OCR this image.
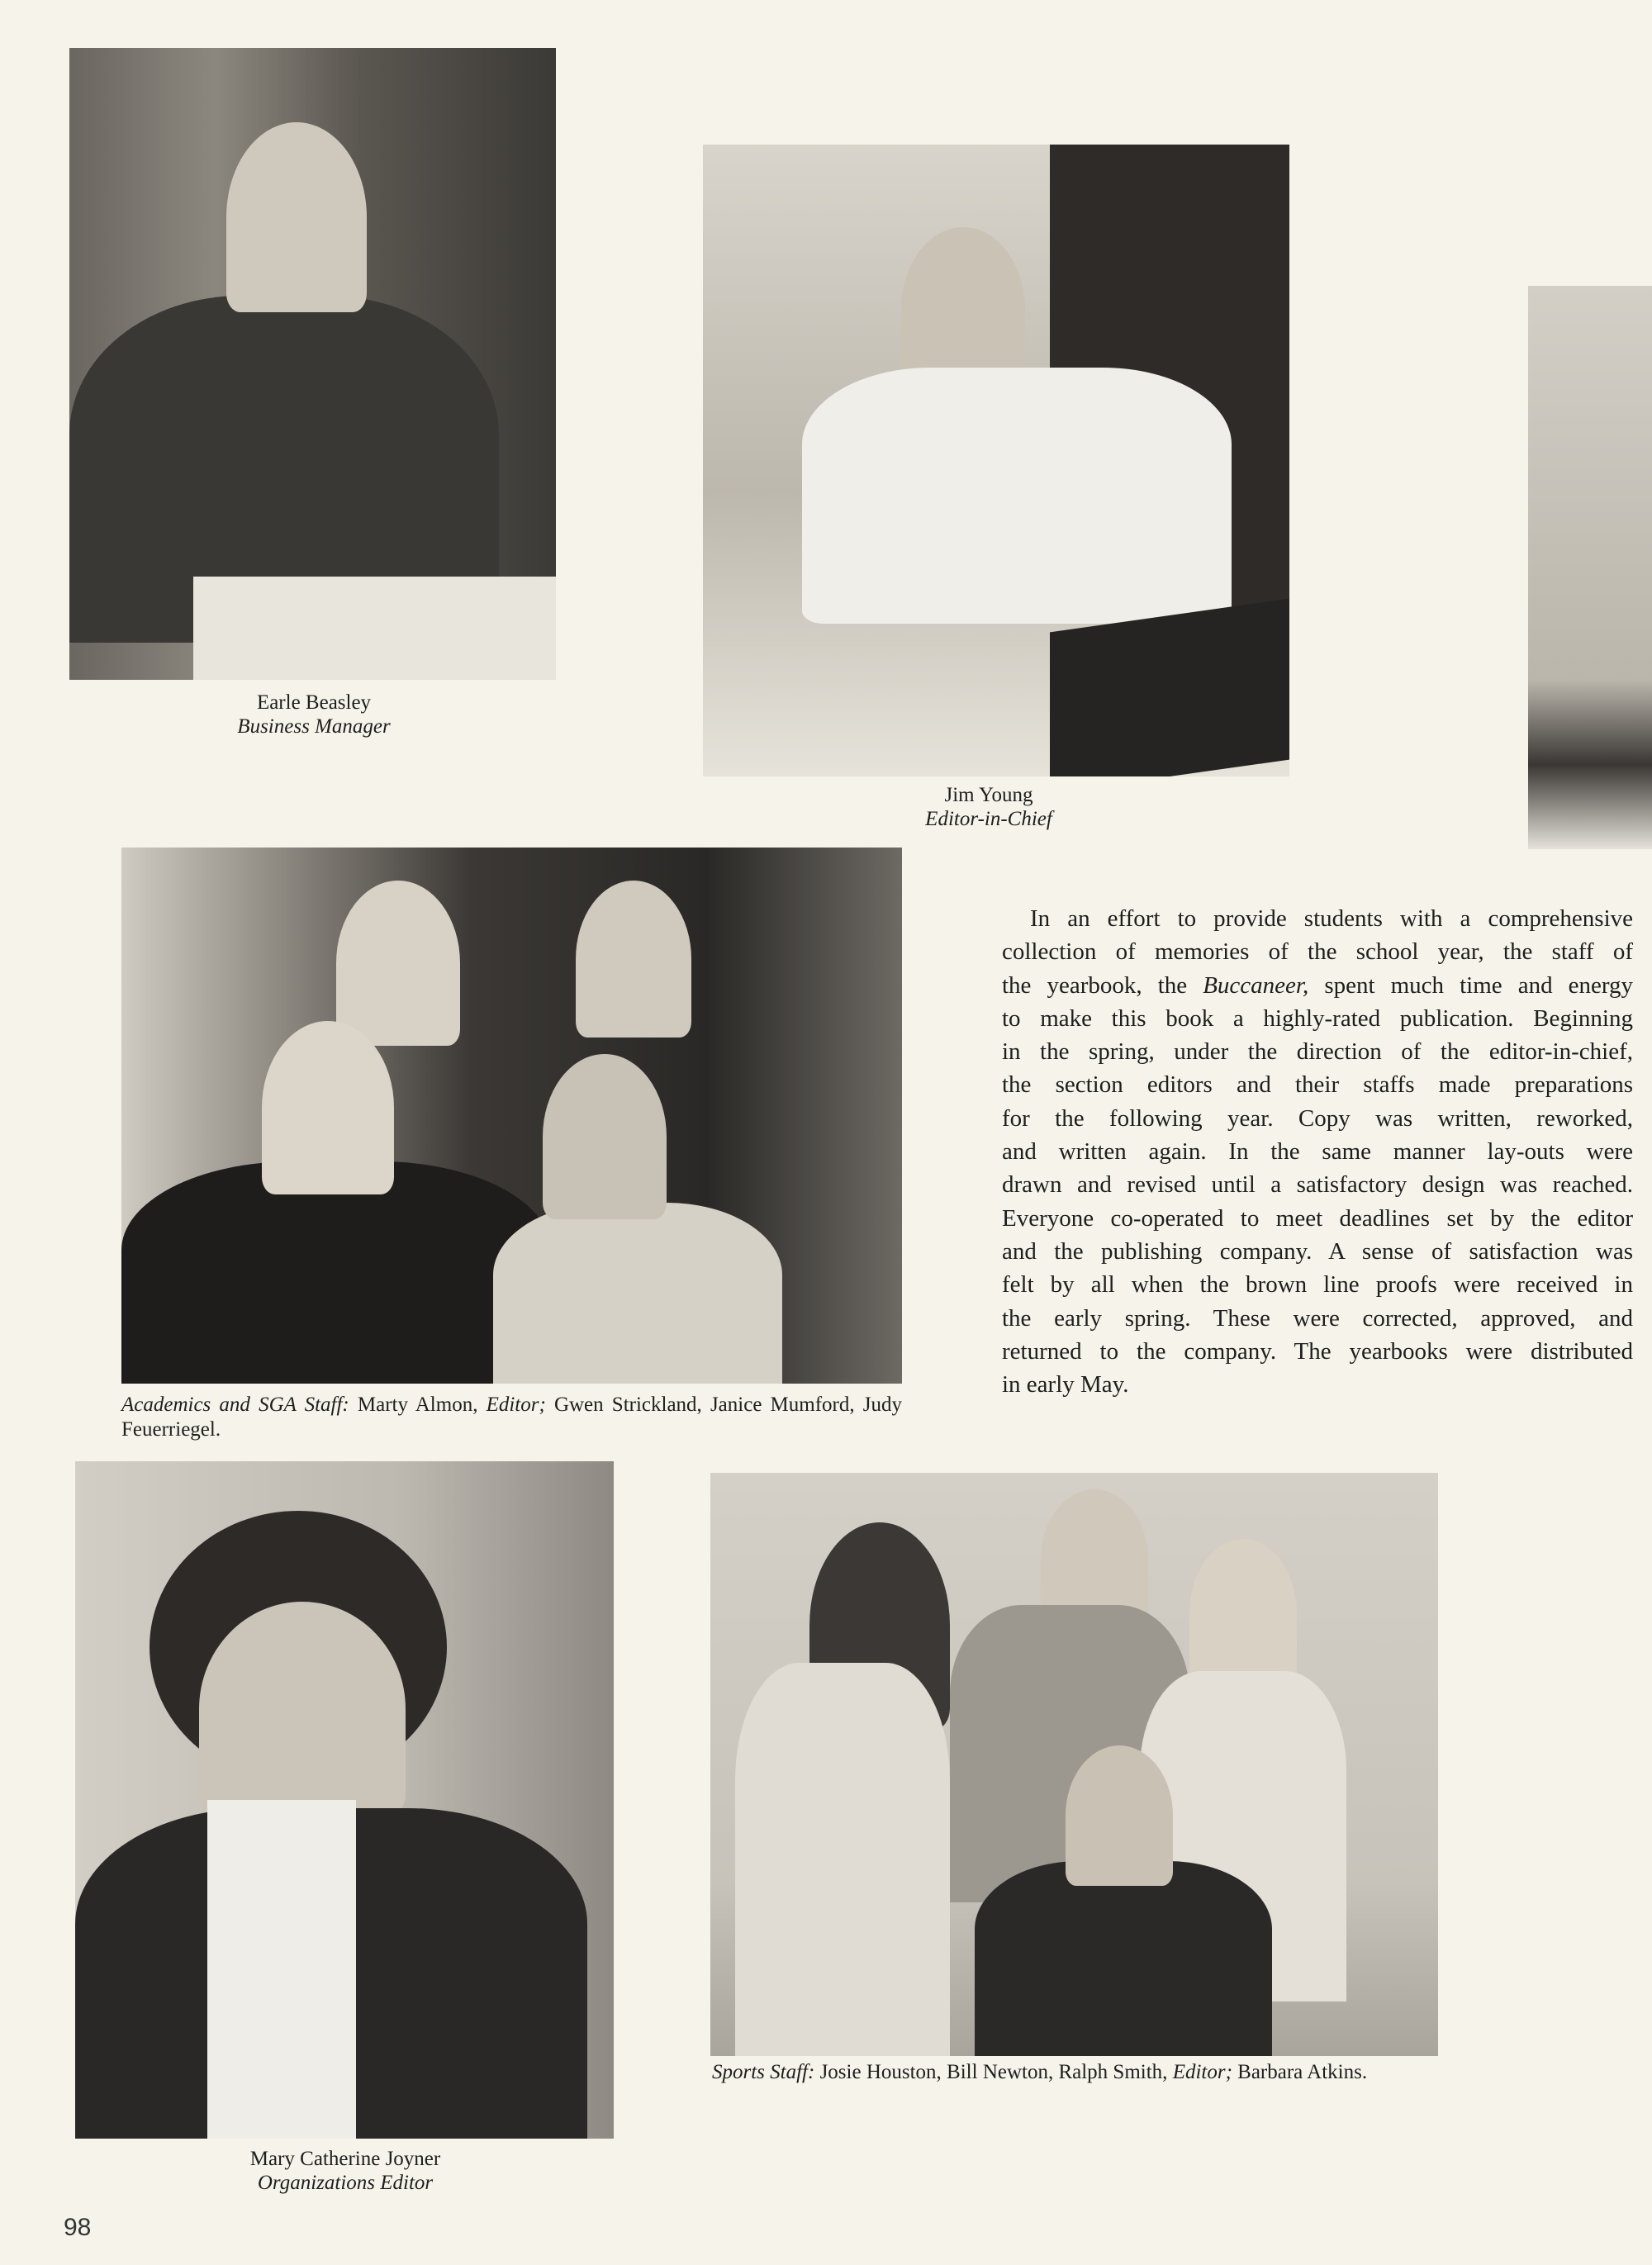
Earle Beasley
Business Manager
Jim Young
Editor-in-Chief
Academics and SGA Staff: Marty Almon, Editor; Gwen Strickland, Janice Mumford, Judy Feuerriegel.
In an effort to provide students with a comprehensive
collection of memories of the school year, the staff of
the yearbook, the Buccaneer, spent much time and energy
to make this book a highly-rated publication. Beginning
in the spring, under the direction of the editor-in-chief,
the section editors and their staffs made preparations
for the following year. Copy was written, reworked,
and written again. In the same manner lay-outs were
drawn and revised until a satisfactory design was reached.
Everyone co-operated to meet deadlines set by the editor
and the publishing company. A sense of satisfaction was
felt by all when the brown line proofs were received in
the early spring. These were corrected, approved, and
returned to the company. The yearbooks were distributed
in early May.
Mary Catherine Joyner
Organizations Editor
Sports Staff: Josie Houston, Bill Newton, Ralph Smith, Editor; Barbara Atkins.
98
